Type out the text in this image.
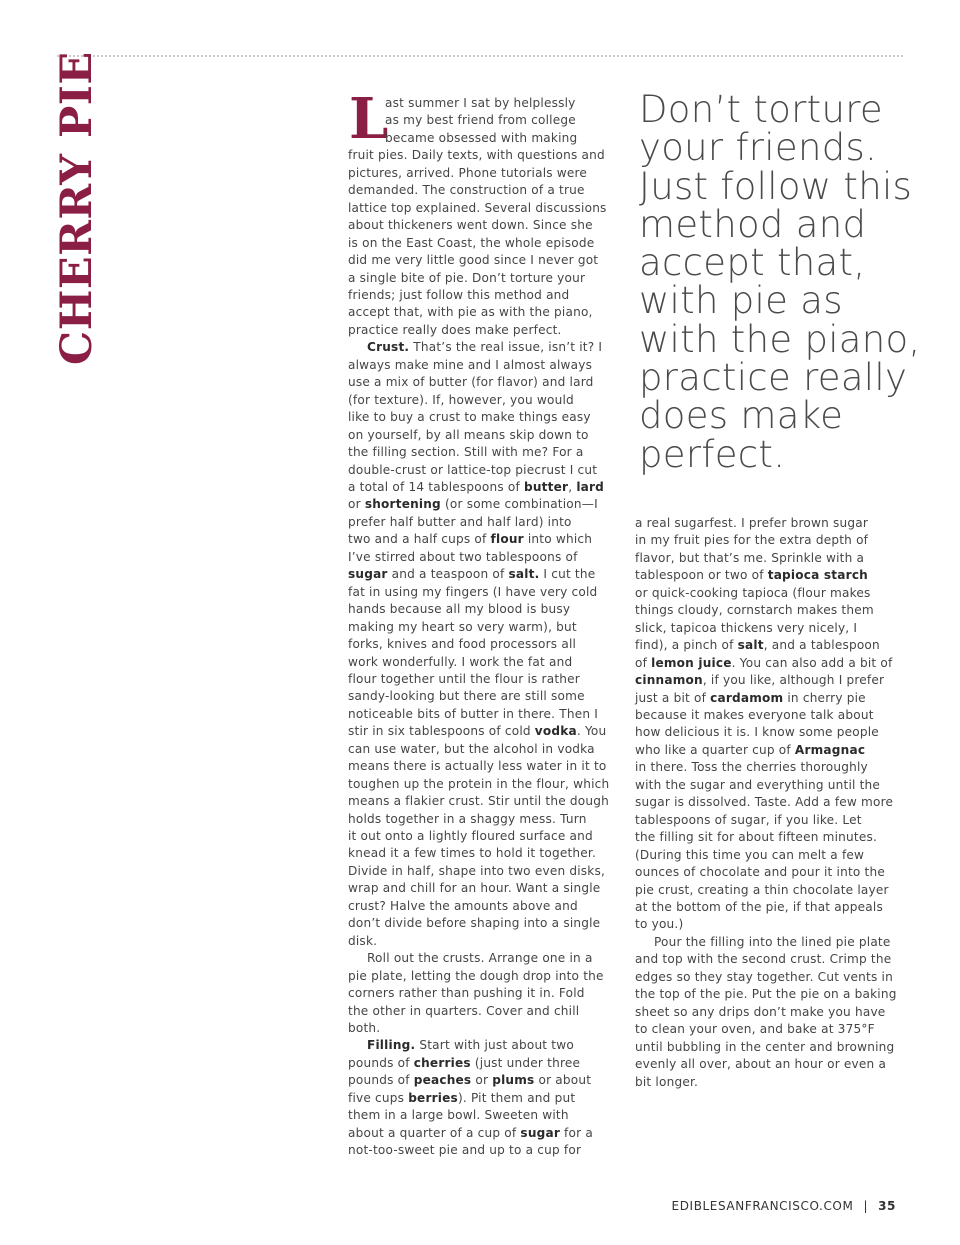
CHERRY PIE	L
ast summer I sat by helplessly
as my best friend from college
became obsessed with making
fruit pies. Daily texts, with questions and
pictures, arrived. Phone tutorials were
demanded. The construction of a true
lattice top explained. Several discussions
about thickeners went down. Since she
is on the East Coast, the whole episode
did me very little good since I never got
a single bite of pie. Don’t torture your
friends; just follow this method and
accept that, with pie as with the piano,
practice really does make perfect.
Crust. That’s the real issue, isn’t it? I
always make mine and I almost always
use a mix of butter (for flavor) and lard
(for texture). If, however, you would
like to buy a crust to make things easy
on yourself, by all means skip down to
the filling section. Still with me? For a
double-crust or lattice-top piecrust I cut
a total of 14 tablespoons of butter, lard
or shortening (or some combination—I
prefer half butter and half lard) into
two and a half cups of flour into which
I’ve stirred about two tablespoons of
sugar and a teaspoon of salt. I cut the
fat in using my fingers (I have very cold
hands because all my blood is busy
making my heart so very warm), but
forks, knives and food processors all
work wonderfully. I work the fat and
flour together until the flour is rather
sandy-looking but there are still some
noticeable bits of butter in there. Then I
stir in six tablespoons of cold vodka. You
can use water, but the alcohol in vodka
means there is actually less water in it to
toughen up the protein in the flour, which
means a flakier crust. Stir until the dough
holds together in a shaggy mess. Turn
it out onto a lightly floured surface and
knead it a few times to hold it together.
Divide in half, shape into two even disks,
wrap and chill for an hour. Want a single
crust? Halve the amounts above and
don’t divide before shaping into a single
disk.
Roll out the crusts. Arrange one in a
pie plate, letting the dough drop into the
corners rather than pushing it in. Fold
the other in quarters. Cover and chill
both.
Filling. Start with just about two
pounds of cherries (just under three
pounds of peaches or plums or about
five cups berries). Pit them and put
them in a large bowl. Sweeten with
about a quarter of a cup of sugar for a
not-too-sweet pie and up to a cup for
Don’t torture
your friends.
Just follow this
method and
accept that,
with pie as
with the piano,
practice really
does make
perfect.
a real sugarfest. I prefer brown sugar
in my fruit pies for the extra depth of
flavor, but that’s me. Sprinkle with a
tablespoon or two of tapioca starch
or quick-cooking tapioca (flour makes
things cloudy, cornstarch makes them
slick, tapicoa thickens very nicely, I
find), a pinch of salt, and a tablespoon
of lemon juice. You can also add a bit of
cinnamon, if you like, although I prefer
just a bit of cardamom in cherry pie
because it makes everyone talk about
how delicious it is. I know some people
who like a quarter cup of Armagnac
in there. Toss the cherries thoroughly
with the sugar and everything until the
sugar is dissolved. Taste. Add a few more
tablespoons of sugar, if you like. Let
the filling sit for about fifteen minutes.
(During this time you can melt a few
ounces of chocolate and pour it into the
pie crust, creating a thin chocolate layer
at the bottom of the pie, if that appeals
to you.)
Pour the filling into the lined pie plate
and top with the second crust. Crimp the
edges so they stay together. Cut vents in
the top of the pie. Put the pie on a baking
sheet so any drips don’t make you have
to clean your oven, and bake at 375°F
until bubbling in the center and browning
evenly all over, about an hour or even a
bit longer.
EDIBLESANFRANCISCO.COM | 35
